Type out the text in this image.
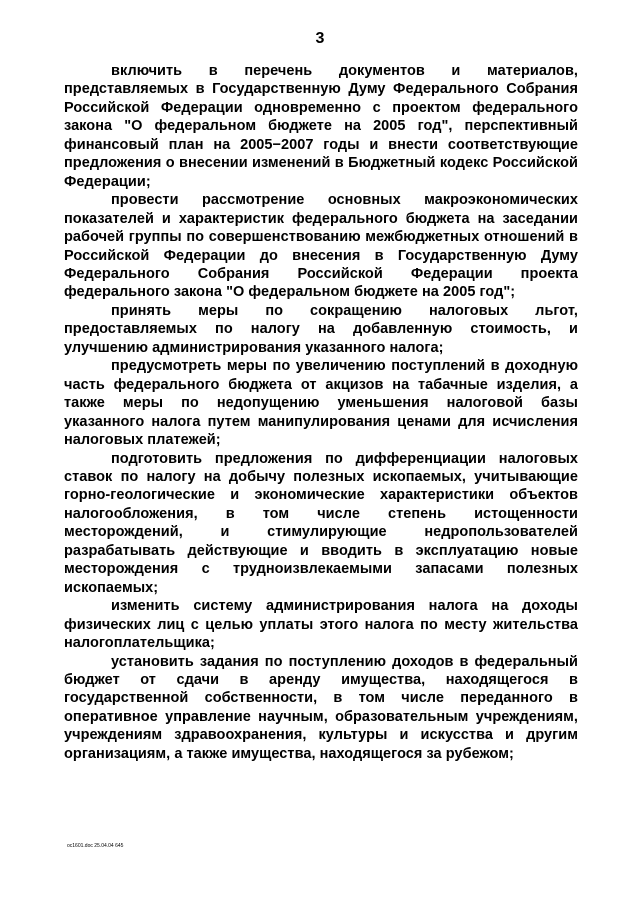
3

включить в перечень документов и материалов, представляемых в Государственную Думу Федерального Собрания Российской Федерации одновременно с проектом федерального закона "О федеральном бюджете на 2005 год", перспективный финансовый план на 2005−2007 годы и внести соответствующие предложения о внесении изменений в Бюджетный кодекс Российской Федерации;

провести рассмотрение основных макроэкономических показателей и характеристик федерального бюджета на заседании рабочей группы по совершенствованию межбюджетных отношений в Российской Федерации до внесения в Государственную Думу Федерального Собрания Российской Федерации проекта федерального закона "О федеральном бюджете на 2005 год";

принять меры по сокращению налоговых льгот, предоставляемых по налогу на добавленную стоимость, и улучшению администрирования указанного налога;

предусмотреть меры по увеличению поступлений в доходную часть федерального бюджета от акцизов на табачные изделия, а также меры по недопущению уменьшения налоговой базы указанного налога путем манипулирования ценами для исчисления налоговых платежей;

подготовить предложения по дифференциации налоговых ставок по налогу на добычу полезных ископаемых, учитывающие горно-геологические и экономические характеристики объектов налогообложения, в том числе степень истощенности месторождений, и стимулирующие недропользователей разрабатывать действующие и вводить в эксплуатацию новые месторождения с трудноизвлекаемыми запасами полезных ископаемых;

изменить систему администрирования налога на доходы физических лиц с целью уплаты этого налога по месту жительства налогоплательщика;

установить задания по поступлению доходов в федеральный бюджет от сдачи в аренду имущества, находящегося в государственной собственности, в том числе переданного в оперативное управление научным, образовательным учреждениям, учреждениям здравоохранения, культуры и искусства и другим организациям, а также имущества, находящегося за рубежом;

ос1601.doc 25.04.04 645
